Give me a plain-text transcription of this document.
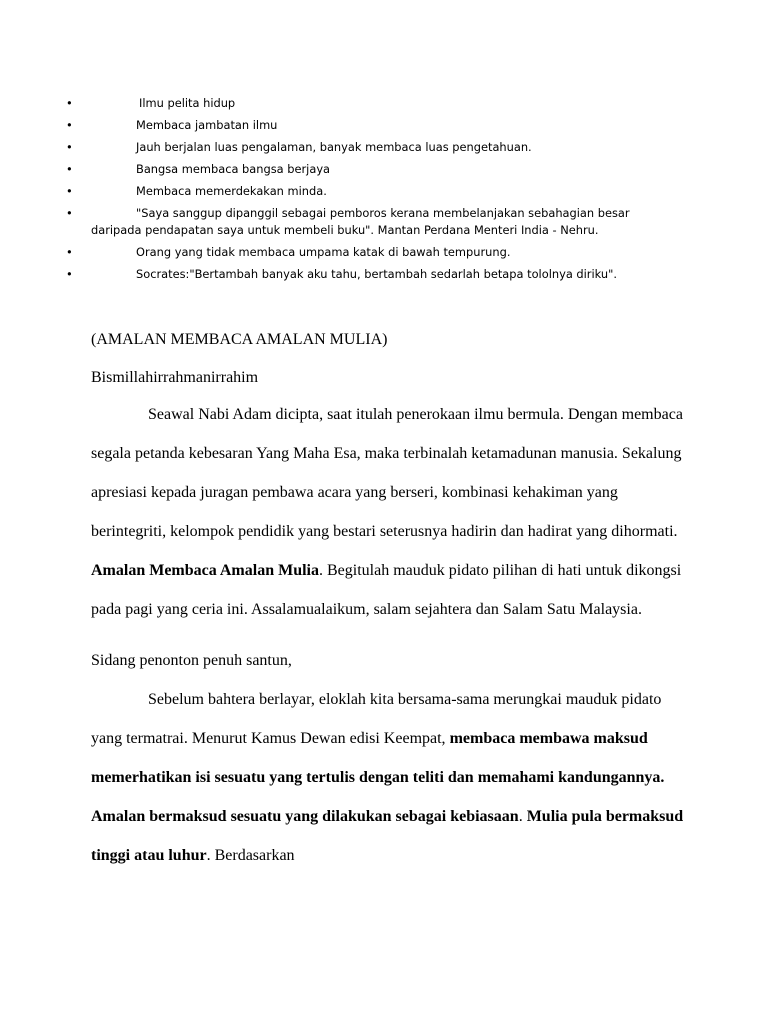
•	Ilmu pelita hidup
•	Membaca jambatan ilmu
•	Jauh berjalan luas pengalaman, banyak membaca luas pengetahuan.
•	Bangsa membaca bangsa berjaya
•	Membaca memerdekakan minda.
•	"Saya sanggup dipanggil sebagai pemboros kerana membelanjakan sebahagian besar daripada pendapatan saya untuk membeli buku". Mantan Perdana Menteri India - Nehru.
•	Orang yang tidak membaca umpama katak di bawah tempurung.
•	Socrates:"Bertambah banyak aku tahu, bertambah sedarlah betapa tololnya diriku".

(AMALAN MEMBACA AMALAN MULIA)

Bismillahirrahmanirrahim

Seawal Nabi Adam dicipta, saat itulah penerokaan ilmu bermula. Dengan membaca segala petanda kebesaran Yang Maha Esa, maka terbinalah ketamadunan manusia. Sekalung apresiasi kepada juragan pembawa acara yang berseri, kombinasi kehakiman yang berintegriti, kelompok pendidik yang bestari seterusnya hadirin dan hadirat yang dihormati. Amalan Membaca Amalan Mulia. Begitulah mauduk pidato pilihan di hati untuk dikongsi pada pagi yang ceria ini. Assalamualaikum, salam sejahtera dan Salam Satu Malaysia.

Sidang penonton penuh santun,

Sebelum bahtera berlayar, eloklah kita bersama-sama merungkai mauduk pidato yang termatrai. Menurut Kamus Dewan edisi Keempat, membaca membawa maksud memerhatikan isi sesuatu yang tertulis dengan teliti dan memahami kandungannya. Amalan bermaksud sesuatu yang dilakukan sebagai kebiasaan. Mulia pula bermaksud tinggi atau luhur. Berdasarkan
